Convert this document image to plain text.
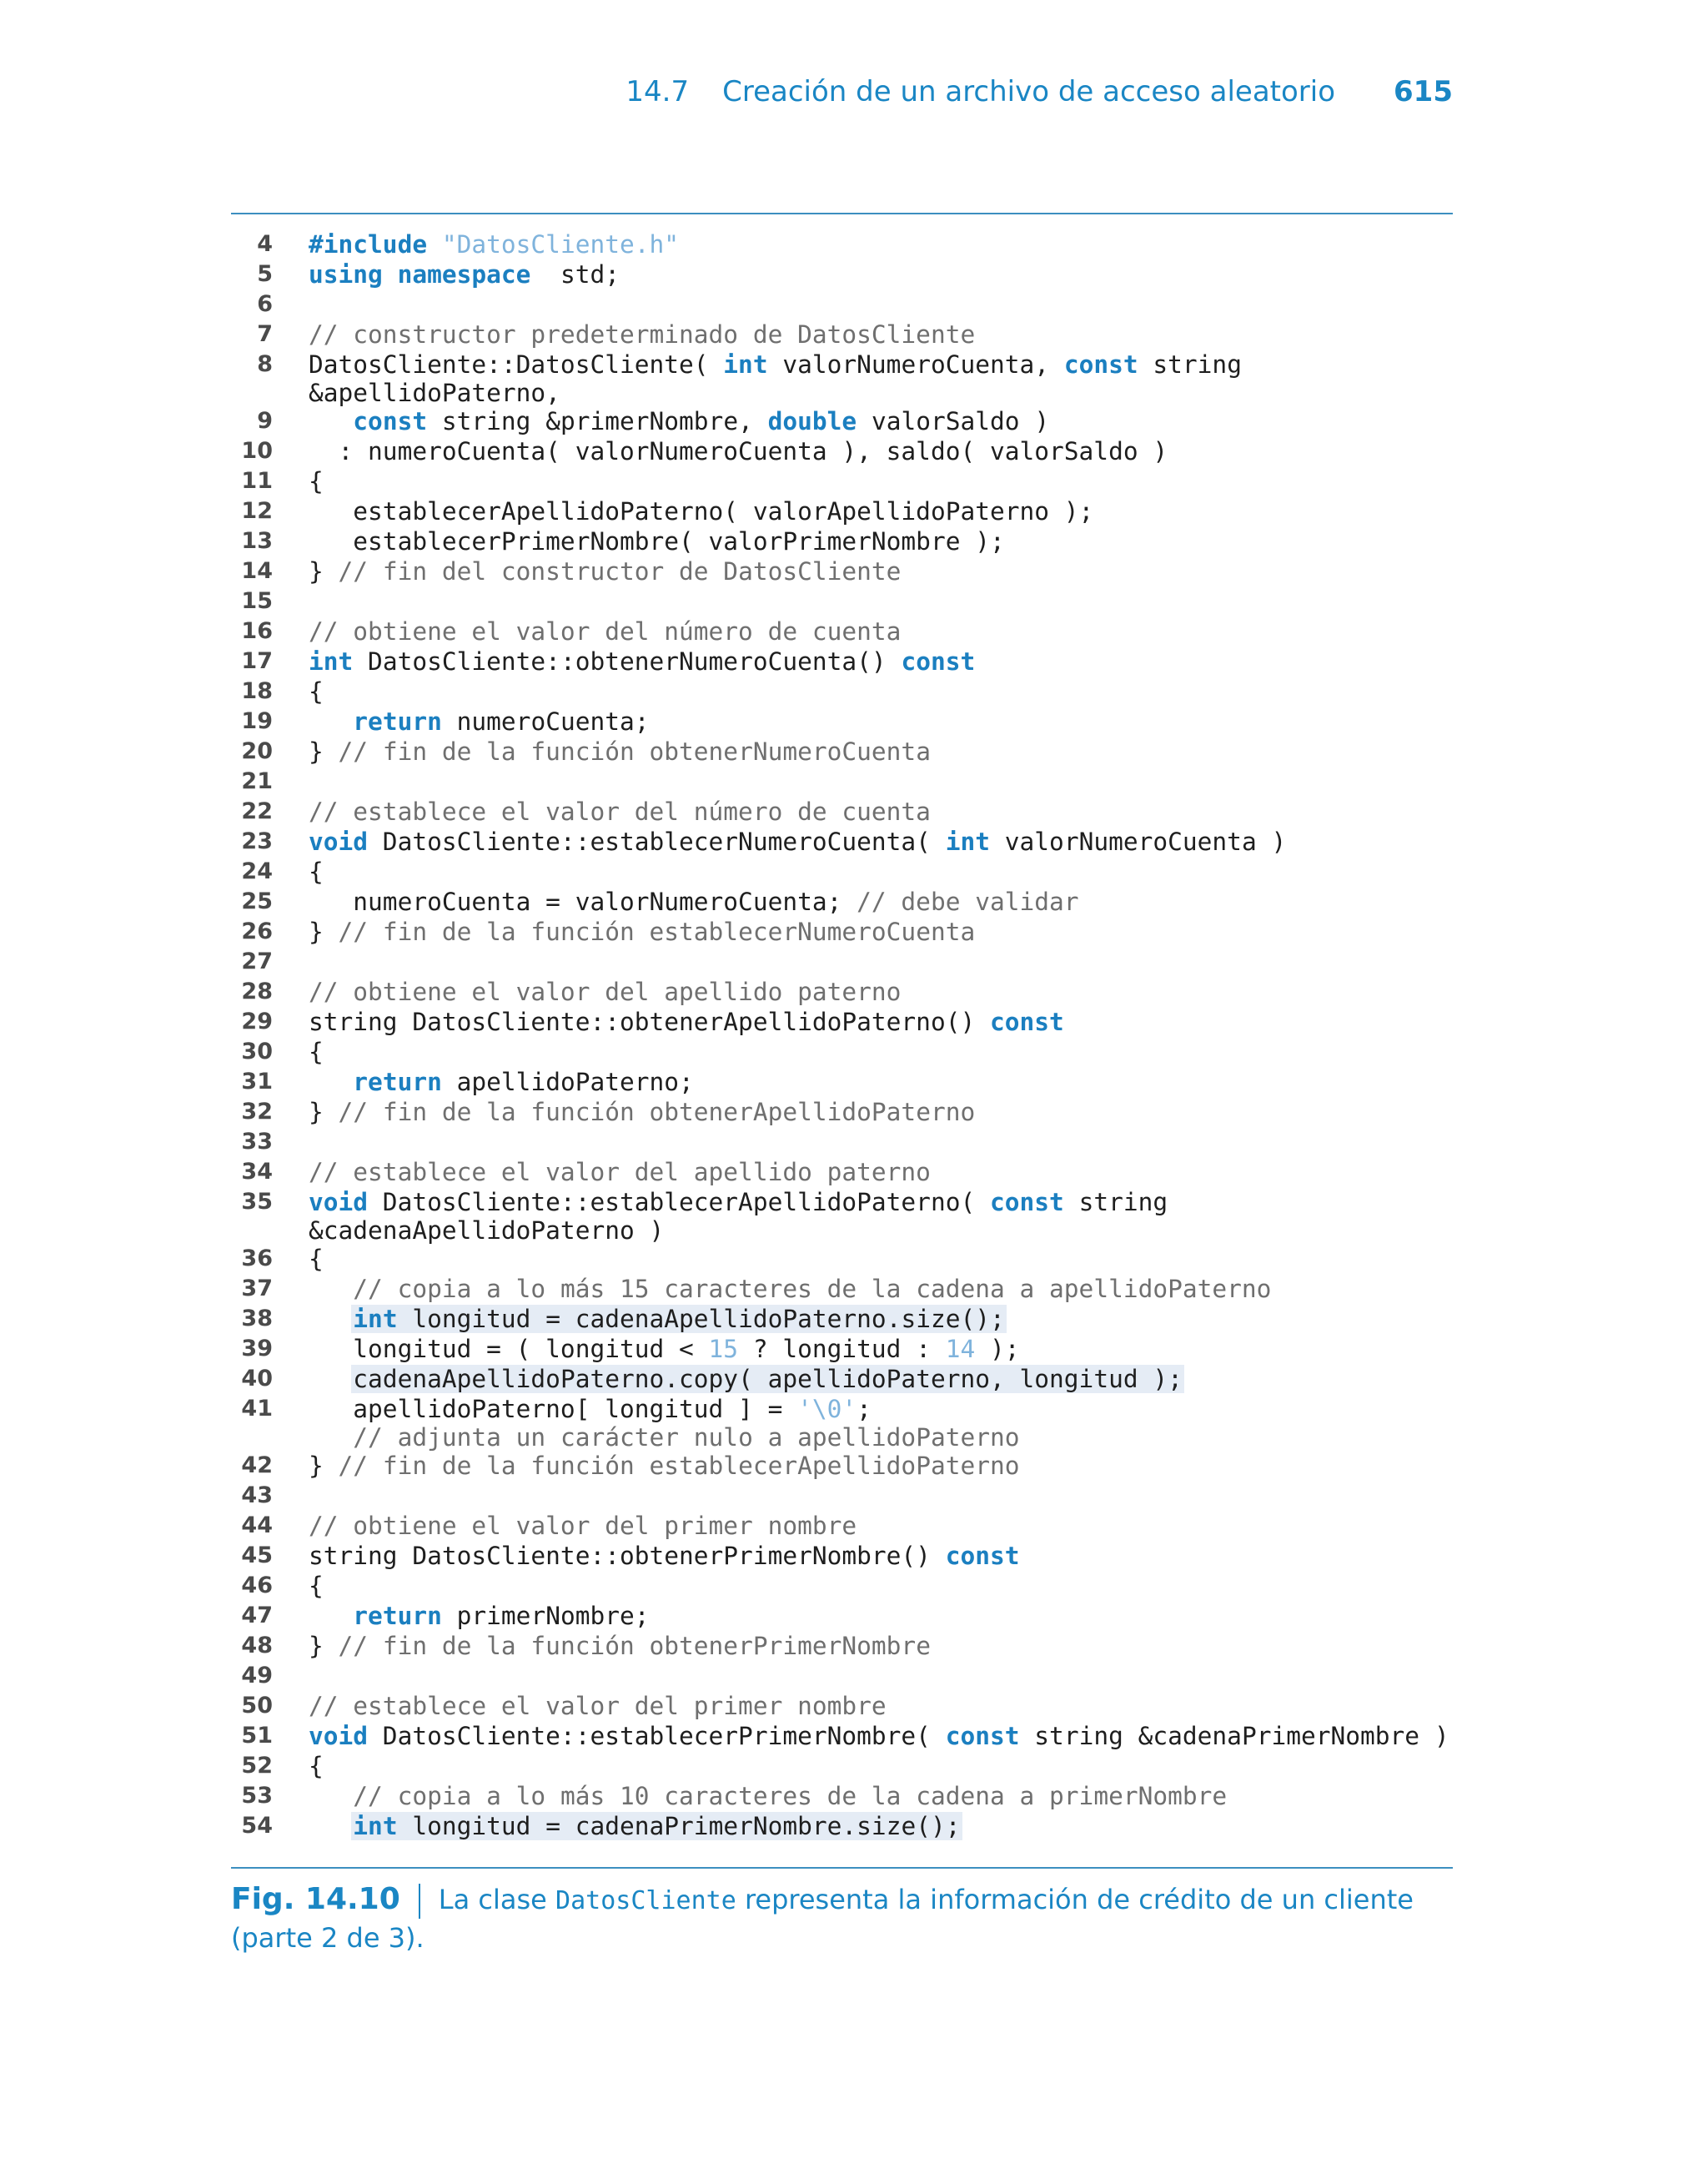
14.7 Creación de un archivo de acceso aleatorio 615
4 #include "DatosCliente.h"
5 using namespace  std;
6

7 // constructor predeterminado de DatosCliente
8 DatosCliente::DatosCliente( int valorNumeroCuenta, const string
&apellidoPaterno,
9	const string &primerNombre, double valorSaldo )
10 : numeroCuenta( valorNumeroCuenta ), saldo( valorSaldo )
11 {
12 establecerApellidoPaterno( valorApellidoPaterno );
13 establecerPrimerNombre( valorPrimerNombre );
14 } // fin del constructor de DatosCliente
15

16 // obtiene el valor del número de cuenta
17 int DatosCliente::obtenerNumeroCuenta() const
18 {
19	return numeroCuenta;
20 } // fin de la función obtenerNumeroCuenta
21

22 // establece el valor del número de cuenta
23 void DatosCliente::establecerNumeroCuenta( int valorNumeroCuenta )
24 {
25 numeroCuenta = valorNumeroCuenta; // debe validar
26 } // fin de la función establecerNumeroCuenta
27

28 // obtiene el valor del apellido paterno
29 string DatosCliente::obtenerApellidoPaterno() const
30 {
31	return apellidoPaterno;
32 } // fin de la función obtenerApellidoPaterno
33

34 // establece el valor del apellido paterno
35 void DatosCliente::establecerApellidoPaterno( const string
&cadenaApellidoPaterno )
36 {
37	// copia a lo más 15 caracteres de la cadena a apellidoPaterno
38	int longitud = cadenaApellidoPaterno.size();
39 longitud = ( longitud < 15 ? longitud : 14 );
40	cadenaApellidoPaterno.copy( apellidoPaterno, longitud );
41 apellidoPaterno[ longitud ] = '\0';
// adjunta un carácter nulo a apellidoPaterno
42 } // fin de la función establecerApellidoPaterno
43

44 // obtiene el valor del primer nombre
45 string DatosCliente::obtenerPrimerNombre() const
46 {
47	return primerNombre;
48 } // fin de la función obtenerPrimerNombre
49

50 // establece el valor del primer nombre
51 void DatosCliente::establecerPrimerNombre( const string &cadenaPrimerNombre )
52 {
53	// copia a lo más 10 caracteres de la cadena a primerNombre
54	int longitud = cadenaPrimerNombre.size();
Fig. 14.10 La clase DatosCliente representa la información de crédito de un cliente (parte 2 de 3).
